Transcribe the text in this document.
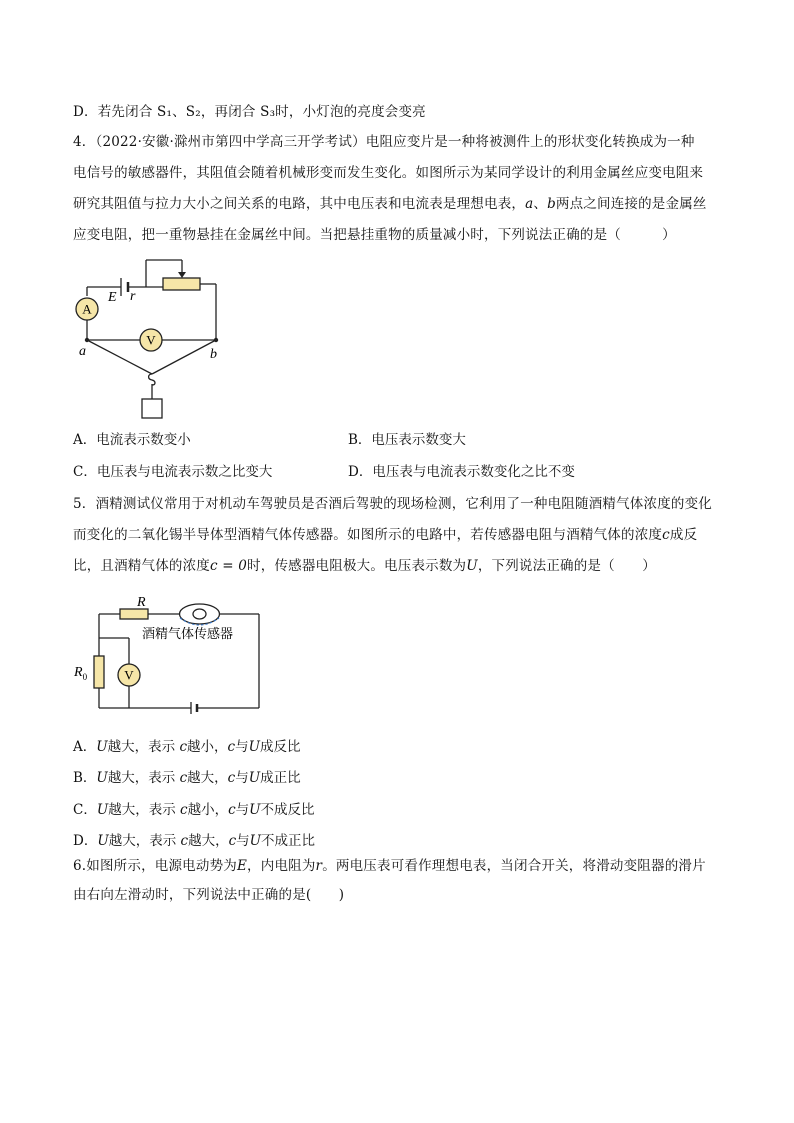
D．若先闭合 S₁、S₂，再闭合 S₃时，小灯泡的亮度会变亮
4．（2022·安徽·滁州市第四中学高三开学考试）电阻应变片是一种将被测件上的形状变化转换成为一种
电信号的敏感器件，其阻值会随着机械形变而发生变化。如图所示为某同学设计的利用金属丝应变电阻来
研究其阻值与拉力大小之间关系的电路，其中电压表和电流表是理想电表，a、b两点之间连接的是金属丝
应变电阻，把一重物悬挂在金属丝中间。当把悬挂重物的质量减小时，下列说法正确的是（　　　）
A
V
E r
a	b
A．电流表示数变小	B．电压表示数变大
C．电压表与电流表示数之比变大	D．电压表与电流表示数变化之比不变
5．酒精测试仪常用于对机动车驾驶员是否酒后驾驶的现场检测，它利用了一种电阻随酒精气体浓度的变化
而变化的二氧化锡半导体型酒精气体传感器。如图所示的电路中，若传感器电阻与酒精气体的浓度c成反
比，且酒精气体的浓度c = 0时，传感器电阻极大。电压表示数为U，下列说法正确的是（　　）
V
R
$R_0$
酒精气体传感器
A．U越大，表示 c越小，c与U成反比
B．U越大，表示 c越大，c与U成正比
C．U越大，表示 c越小，c与U不成反比
D．U越大，表示 c越大，c与U不成正比
6.如图所示，电源电动势为E，内电阻为r。两电压表可看作理想电表，当闭合开关，将滑动变阻器的滑片
由右向左滑动时，下列说法中正确的是(　　)
